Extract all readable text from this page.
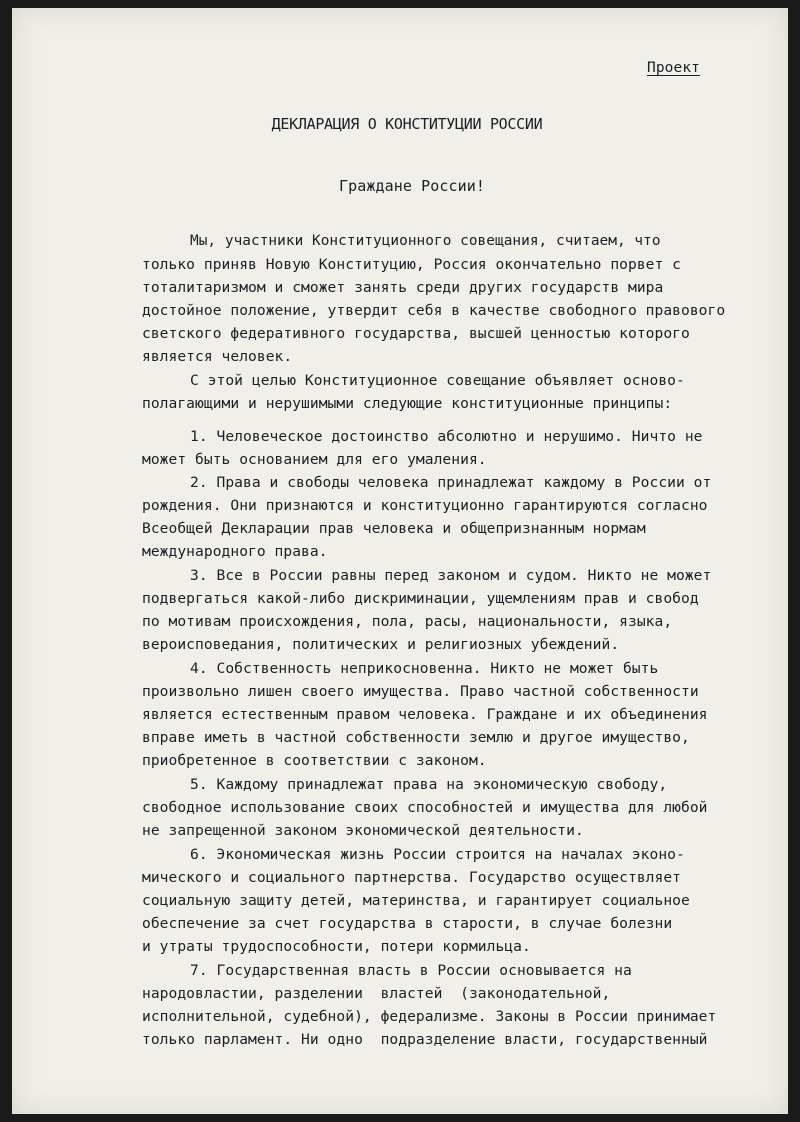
Проект
ДЕКЛАРАЦИЯ О КОНСТИТУЦИИ РОССИИ
Граждане России!
Мы, участники Конституционного совещания, считаем, что
только приняв Новую Конституцию, Россия окончательно порвет с
тоталитаризмом и сможет занять среди других государств мира
достойное положение, утвердит себя в качестве свободного правового
светского федеративного государства, высшей ценностью которого
является человек.
С этой целью Конституционное совещание объявляет осново-
полагающими и нерушимыми следующие конституционные принципы:
1. Человеческое достоинство абсолютно и нерушимо. Ничто не
может быть основанием для его умаления.
2. Права и свободы человека принадлежат каждому в России от
рождения. Они признаются и конституционно гарантируются согласно
Всеобщей Декларации прав человека и общепризнанным нормам
международного права.
3. Все в России равны перед законом и судом. Никто не может
подвергаться какой-либо дискриминации, ущемлениям прав и свобод
по мотивам происхождения, пола, расы, национальности, языка,
вероисповедания, политических и религиозных убеждений.
4. Собственность неприкосновенна. Никто не может быть
произвольно лишен своего имущества. Право частной собственности
является естественным правом человека. Граждане и их объединения
вправе иметь в частной собственности землю и другое имущество,
приобретенное в соответствии с законом.
5. Каждому принадлежат права на экономическую свободу,
свободное использование своих способностей и имущества для любой
не запрещенной законом экономической деятельности.
6. Экономическая жизнь России строится на началах эконо-
мического и социального партнерства. Государство осуществляет
социальную защиту детей, материнства, и гарантирует социальное
обеспечение за счет государства в старости, в случае болезни
и утраты трудоспособности, потери кормильца.
7. Государственная власть в России основывается на
народовластии, разделении  властей  (законодательной,
исполнительной, судебной), федерализме. Законы в России принимает
только парламент. Ни одно  подразделение власти, государственный
